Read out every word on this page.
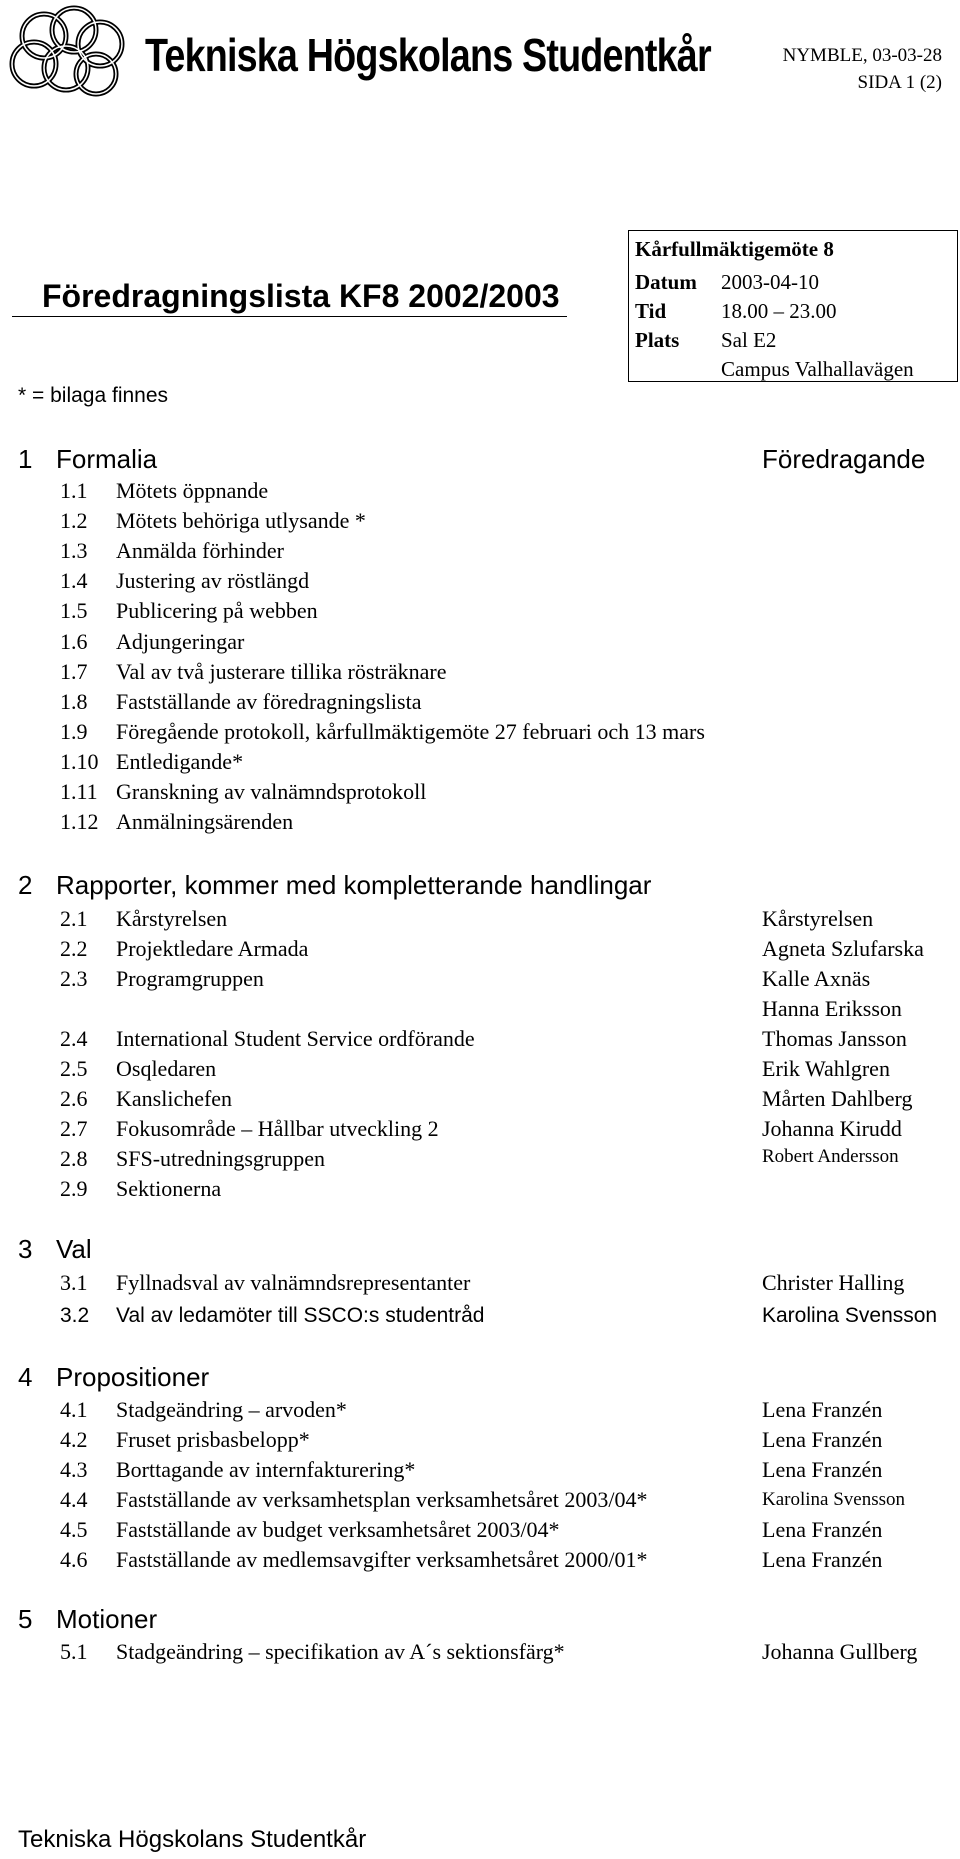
Tekniska Högskolans Studentkår	NYMBLE, 03-03-28
SIDA 1 (2)
Föredragningslista KF8 2002/2003
Kårfullmäktigemöte 8
Datum	2003-04-10
Tid	18.00 – 23.00
Plats	Sal E2
Campus Valhallavägen
* = bilaga finnes
1 Formalia	Föredragande
1.1 Mötets öppnande
1.2 Mötets behöriga utlysande *
1.3 Anmälda förhinder
1.4 Justering av röstlängd
1.5 Publicering på webben
1.6 Adjungeringar
1.7 Val av två justerare tillika rösträknare
1.8 Fastställande av föredragningslista
1.9 Föregående protokoll, kårfullmäktigemöte 27 februari och 13 mars
1.10 Entledigande*
1.11 Granskning av valnämndsprotokoll
1.12 Anmälningsärenden
2 Rapporter, kommer med kompletterande handlingar
2.1 Kårstyrelsen	Kårstyrelsen
2.2 Projektledare Armada	Agneta Szlufarska
2.3 Programgruppen	Kalle Axnäs
Hanna Eriksson
2.4 International Student Service ordförande	Thomas Jansson
2.5 Osqledaren	Erik Wahlgren
2.6 Kanslichefen	Mårten Dahlberg
2.7 Fokusområde – Hållbar utveckling 2	Johanna Kirudd
2.8 SFS-utredningsgruppen	Robert Andersson
2.9 Sektionerna
3 Val
3.1 Fyllnadsval av valnämndsrepresentanter	Christer Halling
3.2 Val av ledamöter till SSCO:s studentråd	Karolina Svensson
4 Propositioner
4.1 Stadgeändring – arvoden*	Lena Franzén
4.2 Fruset prisbasbelopp*	Lena Franzén
4.3 Borttagande av internfakturering*	Lena Franzén
4.4 Fastställande av verksamhetsplan verksamhetsåret 2003/04*	Karolina Svensson
4.5 Fastställande av budget verksamhetsåret 2003/04*	Lena Franzén
4.6 Fastställande av medlemsavgifter verksamhetsåret 2000/01*	Lena Franzén
5 Motioner
5.1 Stadgeändring – specifikation av A´s sektionsfärg*	Johanna Gullberg
Tekniska Högskolans Studentkår
